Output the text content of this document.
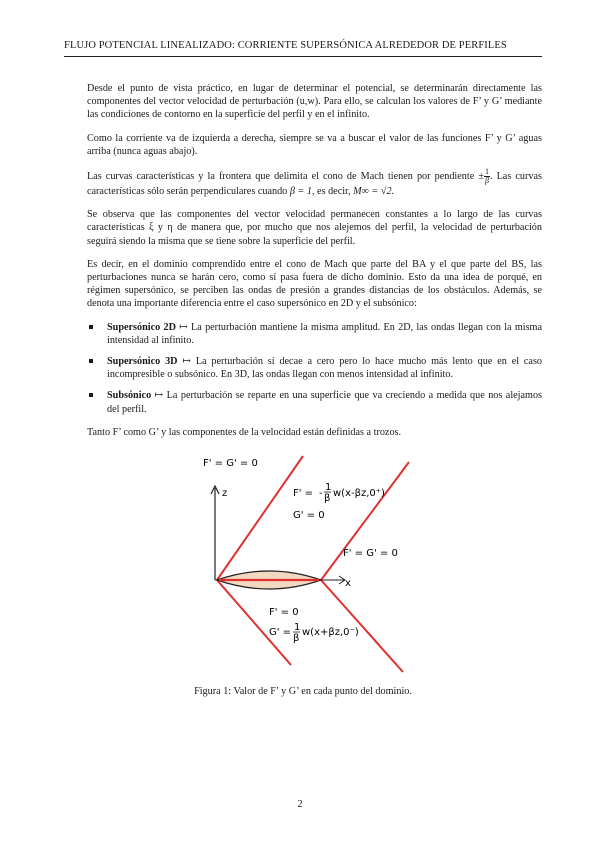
FLUJO POTENCIAL LINEALIZADO: CORRIENTE SUPERSÓNICA ALREDEDOR DE PERFILES

Desde el punto de vista práctico, en lugar de determinar el potencial, se determinarán directamente las componentes del vector velocidad de perturbación (u,w). Para ello, se calculan los valores de F’ y G’ mediante las condiciones de contorno en la superficie del perfil y en el infinito.

Como la corriente va de izquierda a derecha, siempre se va a buscar el valor de las funciones F’ y G’ aguas arriba (nunca aguas abajo).

Las curvas características y la frontera que delimita el cono de Mach tienen por pendiente ± $\frac{1}{\beta}$ . Las curvas características sólo serán perpendiculares cuando β = 1, es decir, M∞ = √2.

Se observa que las componentes del vector velocidad permanecen constantes a lo largo de las curvas características ξ y η de manera que, por mucho que nos alejemos del perfil, la velocidad de perturbación seguirá siendo la misma que se tiene sobre la superficie del perfil.

Es decir, en el dominio comprendido entre el cono de Mach que parte del BA y el que parte del BS, las perturbaciones nunca se harán cero, como sí pasa fuera de dicho dominio. Esto da una idea de porqué, en régimen supersónico, se perciben las ondas de presión a grandes distancias de los obstáculos. Además, se denota una importante diferencia entre el caso supersónico en 2D y el subsónico:

Supersónico 2D ↦ La perturbación mantiene la misma amplitud. En 2D, las ondas llegan con la misma intensidad al infinito.
Supersónico 3D ↦ La perturbación sí decae a cero pero lo hace mucho más lento que en el caso incompresible o subsónico. En 3D, las ondas llegan con menos intensidad al infinito.
Subsónico ↦ La perturbación se reparte en una superficie que va creciendo a medida que nos alejamos del perfil.

Tanto F’ como G’ y las componentes de la velocidad están definidas a trozos.

F' = G' = 0
z
x
F' = -
1
β w(x-βz,0⁺)
G' = 0
F' = G' = 0
F' = 0
G' = 1
β
w(x+βz,0⁻)
Figura 1: Valor de F’ y G’ en cada punto del dominio.
2
